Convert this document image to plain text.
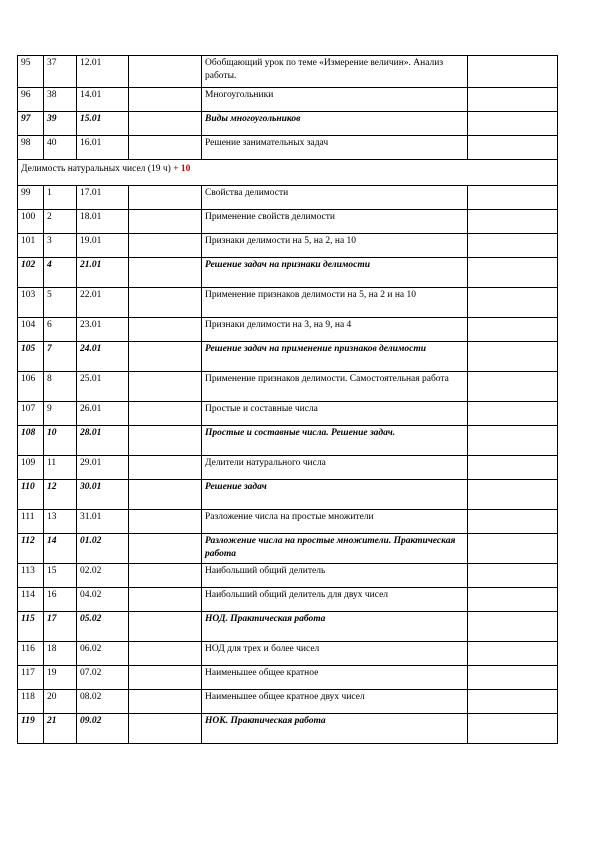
95	37	12.01		Обобщающий урок по теме «Измерение величин». Анализ работы.	
96	38	14.01		Многоугольники	
97	39	15.01		Виды многоугольников	
98	40	16.01		Решение занимательных задач	
Делимость натуральных чисел (19 ч) + 10					
99	1	17.01		Свойства делимости	
100	2	18.01		Применение свойств делимости	
101	3	19.01		Признаки делимости на 5, на 2, на 10	
102	4	21.01		Решение задач на признаки делимости	
103	5	22.01		Применение признаков делимости на 5, на 2 и на 10	
104	6	23.01		Признаки делимости на 3, на 9, на 4	
105	7	24.01		Решение задач на применение признаков делимости	
106	8	25.01		Применение признаков делимости. Самостоятельная работа	
107	9	26.01		Простые и составные числа	
108	10	28.01		Простые и составные числа. Решение задач.	
109	11	29.01		Делители натурального числа	
110	12	30.01		Решение задач	
111	13	31.01		Разложение числа на простые множители	
112	14	01.02		Разложение числа на простые множители. Практическая работа	
113	15	02.02		Наибольший общий делитель	
114	16	04.02		Наибольший общий делитель для двух чисел	
115	17	05.02		НОД. Практическая работа	
116	18	06.02		НОД для трех и более чисел	
117	19	07.02		Наименьшее общее кратное	
118	20	08.02		Наименьшее общее кратное двух чисел	
119	21	09.02		НОК. Практическая работа	
